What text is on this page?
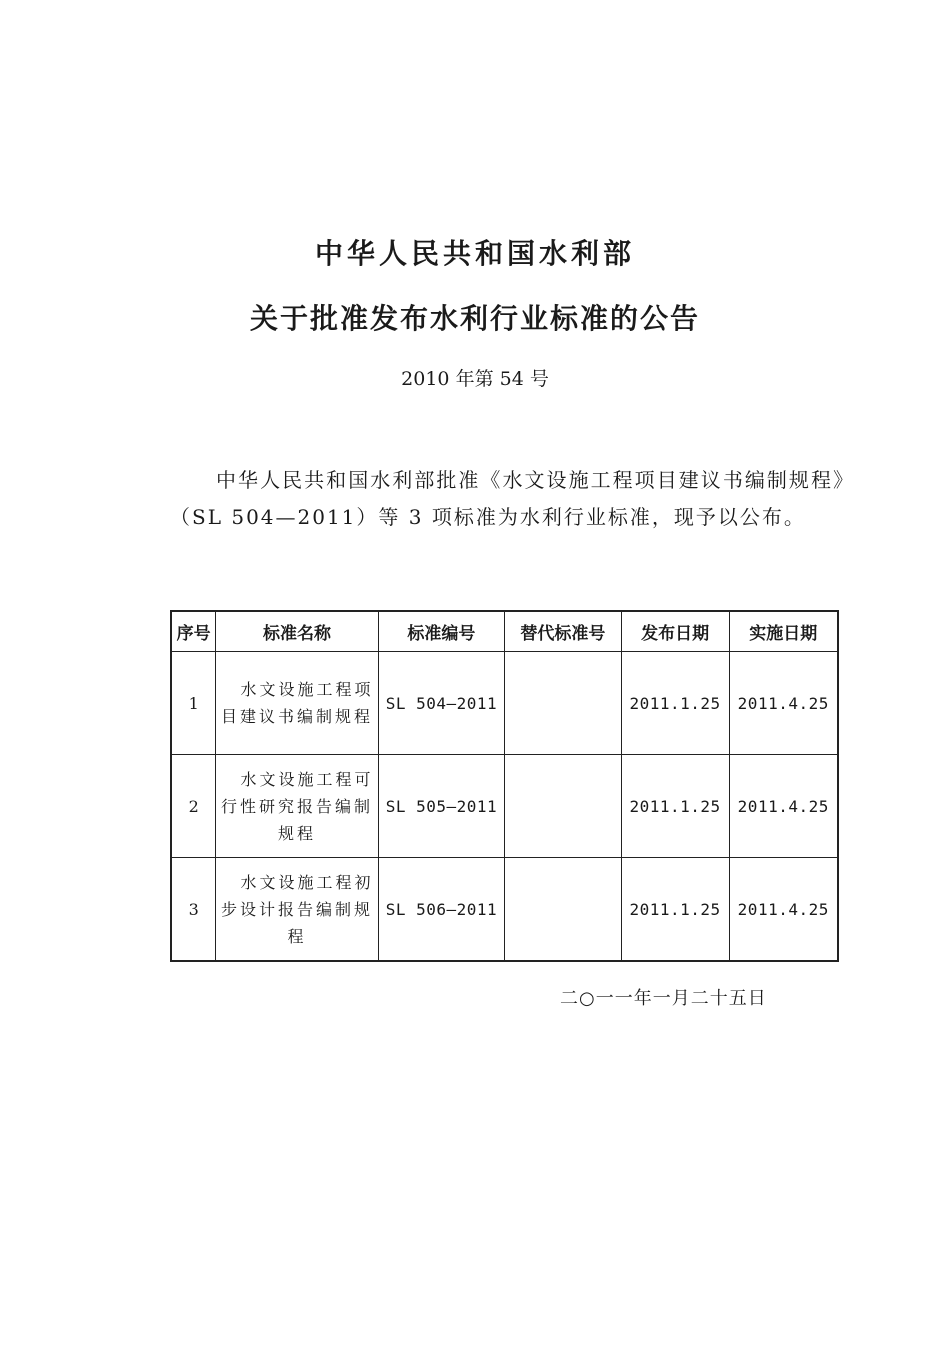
中华人民共和国水利部
关于批准发布水利行业标准的公告
2010 年第 54 号

中华人民共和国水利部批准《水文设施工程项目建议书编制规程》（SL 504—2011）等 3 项标准为水利行业标准，现予以公布。

序号	标准名称	标准编号	替代标准号	发布日期	实施日期
1	水文设施工程项目建议书编制规程	SL 504—2011		2011.1.25	2011.4.25
2	水文设施工程可行性研究报告编制规程	SL 505—2011		2011.1.25	2011.4.25
3	水文设施工程初步设计报告编制规程	SL 506—2011		2011.1.25	2011.4.25
二○一一年一月二十五日
